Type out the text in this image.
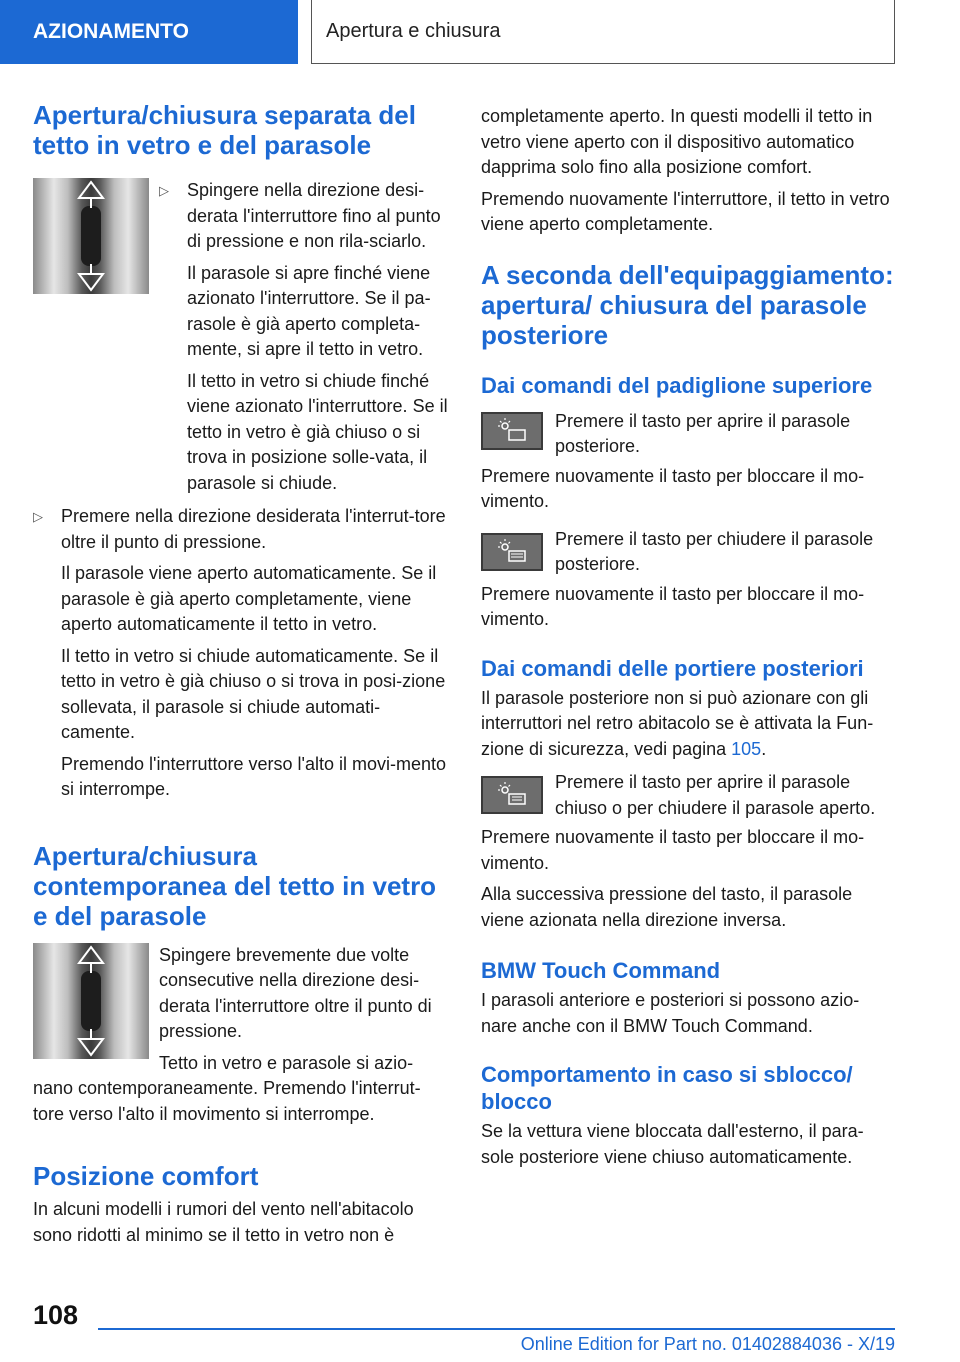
AZIONAMENTO	Apertura e chiusura
Apertura/chiusura separata del tetto in vetro e del parasole
▷	Spingere nella direzione desi-derata l'interruttore fino al punto di pressione e non rila-sciarlo.

Il parasole si apre finché viene azionato l'interruttore. Se il pa-rasole è già aperto completa-mente, si apre il tetto in vetro.

Il tetto in vetro si chiude finché viene azionato l'interruttore. Se il tetto in vetro è già chiuso o si trova in posizione solle-vata, il parasole si chiude.

▷	Premere nella direzione desiderata l'interrut-tore oltre il punto di pressione.

Il parasole viene aperto automaticamente. Se il parasole è già aperto completamente, viene aperto automaticamente il tetto in vetro.

Il tetto in vetro si chiude automaticamente. Se il tetto in vetro è già chiuso o si trova in posi-zione sollevata, il parasole si chiude automati-camente.

Premendo l'interruttore verso l'alto il movi-mento si interrompe.

Apertura/chiusura contemporanea del tetto in vetro e del parasole

Spingere brevemente due volte consecutive nella direzione desi-derata l'interruttore oltre il punto di pressione.

Tetto in vetro e parasole si azio-nano contemporaneamente. Premendo l'interrut-tore verso l'alto il movimento si interrompe.

Posizione comfort

In alcuni modelli i rumori del vento nell'abitacolo sono ridotti al minimo se il tetto in vetro non è

completamente aperto. In questi modelli il tetto in vetro viene aperto con il dispositivo automatico dapprima solo fino alla posizione comfort.

Premendo nuovamente l'interruttore, il tetto in vetro viene aperto completamente.

A seconda dell'equipaggiamento: apertura/ chiusura del parasole posteriore
Dai comandi del padiglione superiore

Premere il tasto per aprire il parasole posteriore.

Premere nuovamente il tasto per bloccare il mo-vimento.

Premere il tasto per chiudere il parasole posteriore.

Premere nuovamente il tasto per bloccare il mo-vimento.

Dai comandi delle portiere posteriori

Il parasole posteriore non si può azionare con gli interruttori nel retro abitacolo se è attivata la Fun-zione di sicurezza, vedi pagina 105.

Premere il tasto per aprire il parasole chiuso o per chiudere il parasole aperto.

Premere nuovamente il tasto per bloccare il mo-vimento.

Alla successiva pressione del tasto, il parasole viene azionata nella direzione inversa.

BMW Touch Command

I parasoli anteriore e posteriori si possono azio-nare anche con il BMW Touch Command.

Comportamento in caso si sblocco/ blocco

Se la vettura viene bloccata dall'esterno, il para-sole posteriore viene chiuso automaticamente.

108
Online Edition for Part no. 01402884036 - X/19
